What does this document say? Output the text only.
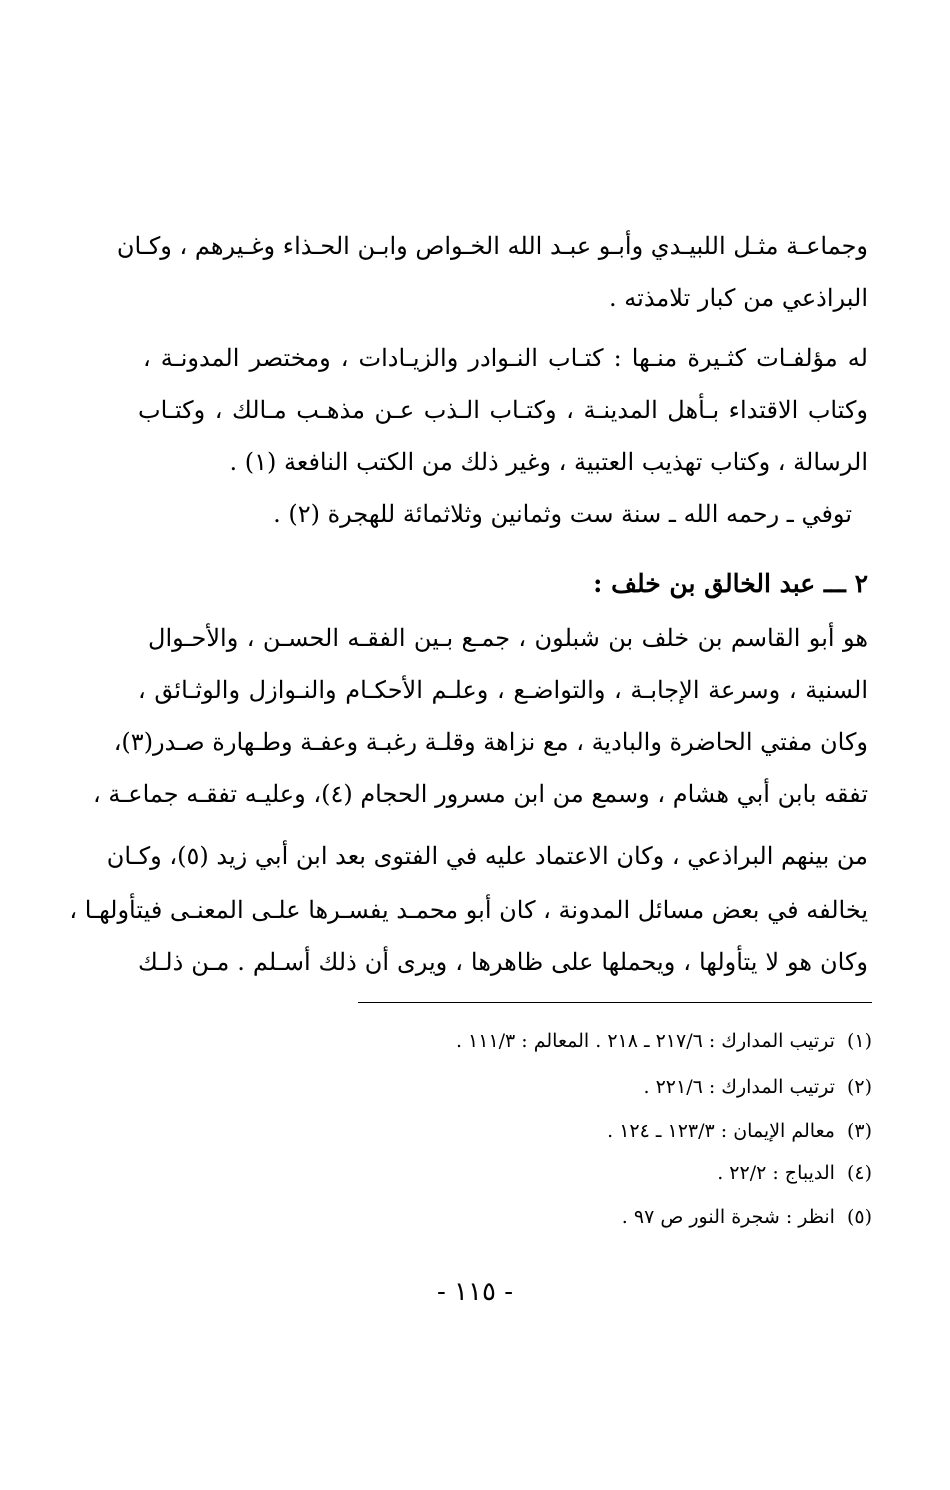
وجماعـة مثـل اللبيـدي وأبـو عبـد الله الخـواص وابـن الحـذاء وغـيرهم ، وكـان

البراذعي من كبار تلامذته .

له مؤلفـات كثـيرة منـها : كتـاب النـوادر والزيـادات ، ومختصر المدونـة ،

وكتاب الاقتداء بـأهل المدينـة ، وكتـاب الـذب عـن مذهـب مـالك ، وكتـاب

الرسالة ، وكتاب تهذيب العتبية ، وغير ذلك من الكتب النافعة (١) .

توفي ـ رحمه الله ـ سنة ست وثمانين وثلاثمائة للهجرة (٢) .

٢ ـــ عبد الخالق بن خلف :

هو أبو القاسم بن خلف بن شبلون ، جمـع بـين الفقـه الحسـن ، والأحـوال

السنية ، وسرعة الإجابـة ، والتواضـع ، وعلـم الأحكـام والنـوازل والوثـائق ،

وكان مفتي الحاضرة والبادية ، مع نزاهة وقلـة رغبـة وعفـة وطـهارة صـدر(٣)،

تفقه بابن أبي هشام ، وسمع من ابن مسرور الحجام (٤)، وعليـه تفقـه جماعـة ،

من بينهم البراذعي ، وكان الاعتماد عليه في الفتوى بعد ابن أبي زيد (٥)، وكـان

يخالفه في بعض مسائل المدونة ، كان أبو محمـد يفسـرها علـى المعنـى فيتأولهـا ،

وكان هو لا يتأولها ، ويحملها على ظاهرها ، ويرى أن ذلك أسـلم . مـن ذلـك

(١)ترتيب المدارك : ٢١٧/٦ ـ ٢١٨ . المعالم : ١١١/٣ .

(٢)ترتيب المدارك : ٢٢١/٦ .

(٣)معالم الإيمان : ١٢٣/٣ ـ ١٢٤ .

(٤)الديباج : ٢٢/٢ .

(٥)انظر : شجرة النور ص ٩٧ .

- ١١٥ -
